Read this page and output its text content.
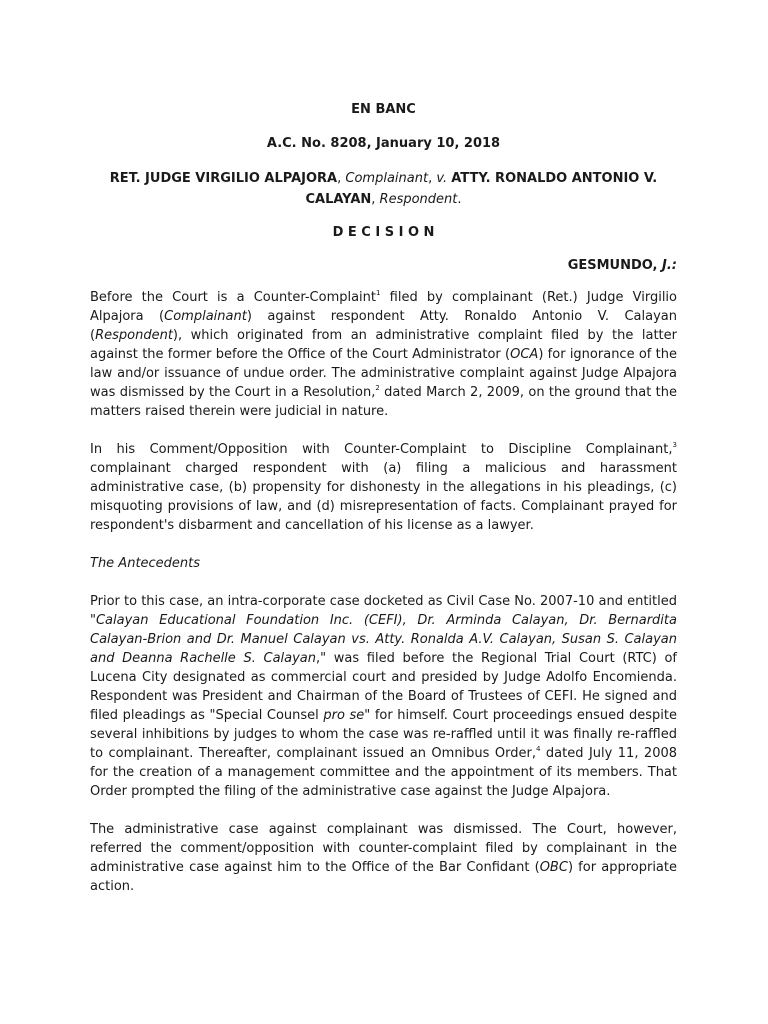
EN BANC
A.C. No. 8208, January 10, 2018
RET. JUDGE VIRGILIO ALPAJORA, Complainant, v. ATTY. RONALDO ANTONIO V.
CALAYAN, Respondent.
D E C I S I O N
GESMUNDO, J.:

Before the Court is a Counter-Complaint$^1$ filed by complainant (Ret.) Judge Virgilio Alpajora (Complainant) against respondent Atty. Ronaldo Antonio V. Calayan (Respondent), which originated from an administrative complaint filed by the latter against the former before the Office of the Court Administrator (OCA) for ignorance of the law and/or issuance of undue order. The administrative complaint against Judge Alpajora was dismissed by the Court in a Resolution,$^2$ dated March 2, 2009, on the ground that the matters raised therein were judicial in nature.

In his Comment/Opposition with Counter-Complaint to Discipline Complainant,$^3$ complainant charged respondent with (a) filing a malicious and harassment administrative case, (b) propensity for dishonesty in the allegations in his pleadings, (c) misquoting provisions of law, and (d) misrepresentation of facts. Complainant prayed for respondent's disbarment and cancellation of his license as a lawyer.

The Antecedents

Prior to this case, an intra-corporate case docketed as Civil Case No. 2007-10 and entitled "Calayan Educational Foundation Inc. (CEFI), Dr. Arminda Calayan, Dr. Bernardita Calayan-Brion and Dr. Manuel Calayan vs. Atty. Ronalda A.V. Calayan, Susan S. Calayan and Deanna Rachelle S. Calayan," was filed before the Regional Trial Court (RTC) of Lucena City designated as commercial court and presided by Judge Adolfo Encomienda. Respondent was President and Chairman of the Board of Trustees of CEFI. He signed and filed pleadings as "Special Counsel pro se" for himself. Court proceedings ensued despite several inhibitions by judges to whom the case was re-raffled until it was finally re-raffled to complainant. Thereafter, complainant issued an Omnibus Order,$^4$ dated July 11, 2008 for the creation of a management committee and the appointment of its members. That Order prompted the filing of the administrative case against the Judge Alpajora.

The administrative case against complainant was dismissed. The Court, however, referred the comment/opposition with counter-complaint filed by complainant in the administrative case against him to the Office of the Bar Confidant (OBC) for appropriate action.
